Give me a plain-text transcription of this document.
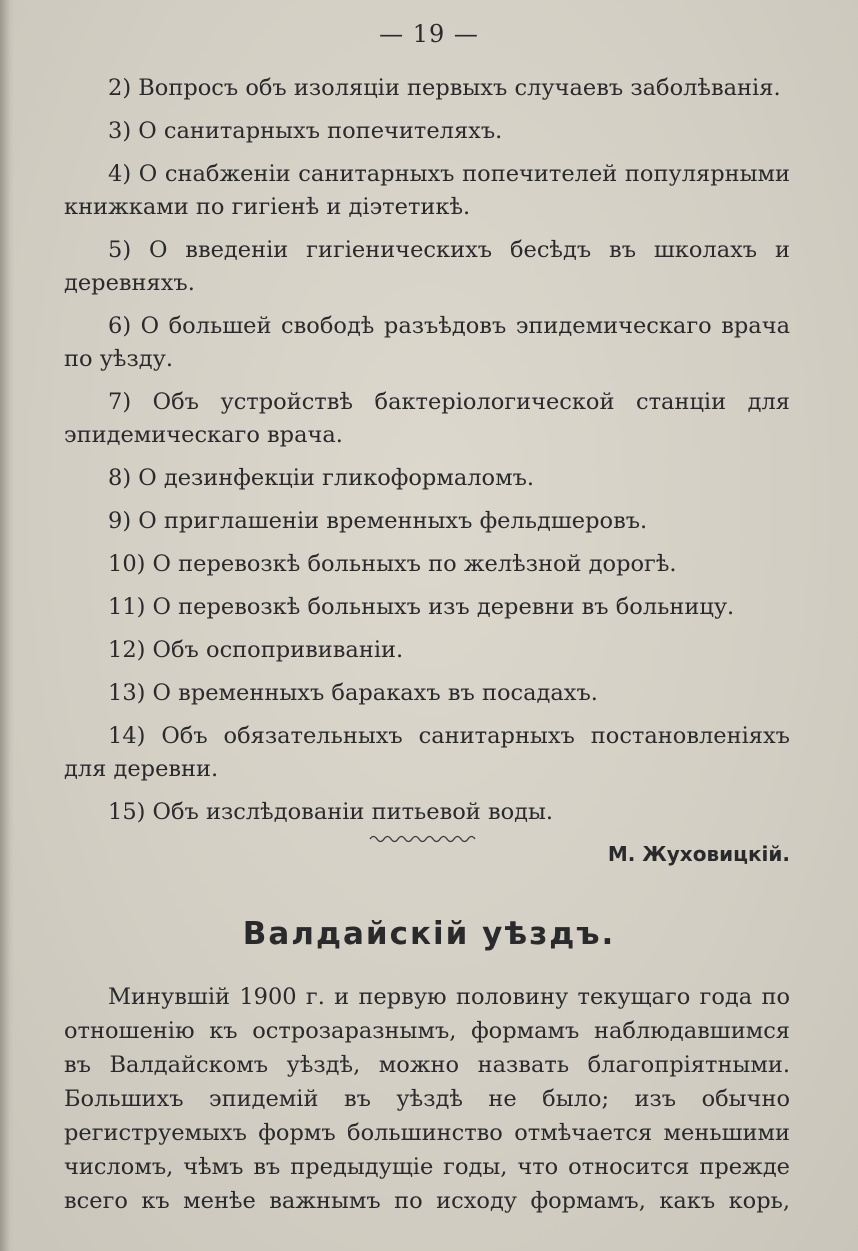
— 19 —

2) Вопросъ объ изоляціи первыхъ случаевъ заболѣванія.

3) О санитарныхъ попечителяхъ.

4) О снабженіи санитарныхъ попечителей популярными книжками по гигіенѣ и діэтетикѣ.

5) О введеніи гигіеническихъ бесѣдъ въ школахъ и деревняхъ.

6) О большей свободѣ разъѣдовъ эпидемическаго врача по уѣзду.

7) Объ устройствѣ бактеріологической станціи для эпидемическаго врача.

8) О дезинфекціи гликоформаломъ.

9) О приглашеніи временныхъ фельдшеровъ.

10) О перевозкѣ больныхъ по желѣзной дорогѣ.

11) О перевозкѣ больныхъ изъ деревни въ больницу.

12) Объ оспопрививаніи.

13) О временныхъ баракахъ въ посадахъ.

14) Объ обязательныхъ санитарныхъ постановленіяхъ для деревни.

15) Объ изслѣдованіи питьевой воды.

М. Жуховицкій.
Валдайскій уѣздъ.

Минувшій 1900 г. и первую половину текущаго года по отношенію къ острозаразнымъ, формамъ наблюдавшимся въ Валдайскомъ уѣздѣ, можно назвать благопріятными. Большихъ эпидемій въ уѣздѣ не было; изъ обычно региструемыхъ формъ большинство отмѣчается меньшими числомъ, чѣмъ въ предыдущіе годы, что относится прежде всего къ менѣе важнымъ по исходу формамъ, какъ корь,
